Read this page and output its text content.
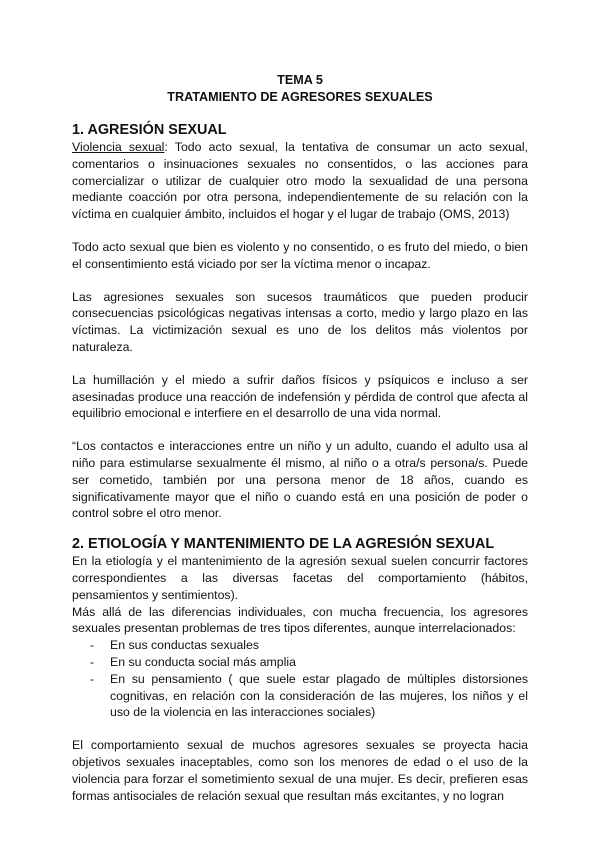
TEMA 5

TRATAMIENTO DE AGRESORES SEXUALES

1. AGRESIÓN SEXUAL

Violencia sexual: Todo acto sexual, la tentativa de consumar un acto sexual, comentarios o insinuaciones sexuales no consentidos, o las acciones para comercializar o utilizar de cualquier otro modo la sexualidad de una persona mediante coacción por otra persona, independientemente de su relación con la víctima en cualquier ámbito, incluidos el hogar y el lugar de trabajo (OMS, 2013)

Todo acto sexual que bien es violento y no consentido, o es fruto del miedo, o bien el consentimiento está viciado por ser la víctima menor o incapaz.

Las agresiones sexuales son sucesos traumáticos que pueden producir consecuencias psicológicas negativas intensas a corto, medio y largo plazo en las víctimas. La victimización sexual es uno de los delitos más violentos por naturaleza.

La humillación y el miedo a sufrir daños físicos y psíquicos e incluso a ser asesinadas produce una reacción de indefensión y pérdida de control que afecta al equilibrio emocional e interfiere en el desarrollo de una vida normal.

“Los contactos e interacciones entre un niño y un adulto, cuando el adulto usa al niño para estimularse sexualmente él mismo, al niño o a otra/s persona/s. Puede ser cometido, también por una persona menor de 18 años, cuando es significativamente mayor que el niño o cuando está en una posición de poder o control sobre el otro menor.

2. ETIOLOGÍA Y MANTENIMIENTO DE LA AGRESIÓN SEXUAL

En la etiología y el mantenimiento de la agresión sexual suelen concurrir factores correspondientes a las diversas facetas del comportamiento (hábitos, pensamientos y sentimientos).

Más allá de las diferencias individuales, con mucha frecuencia, los agresores sexuales presentan problemas de tres tipos diferentes, aunque interrelacionados:

- En sus conductas sexuales
- En su conducta social más amplia
- En su pensamiento ( que suele estar plagado de múltiples distorsiones cognitivas, en relación con la consideración de las mujeres, los niños y el uso de la violencia en las interacciones sociales)

El comportamiento sexual de muchos agresores sexuales se proyecta hacia objetivos sexuales inaceptables, como son los menores de edad o el uso de la violencia para forzar el sometimiento sexual de una mujer. Es decir, prefieren esas formas antisociales de relación sexual que resultan más excitantes, y no logran
